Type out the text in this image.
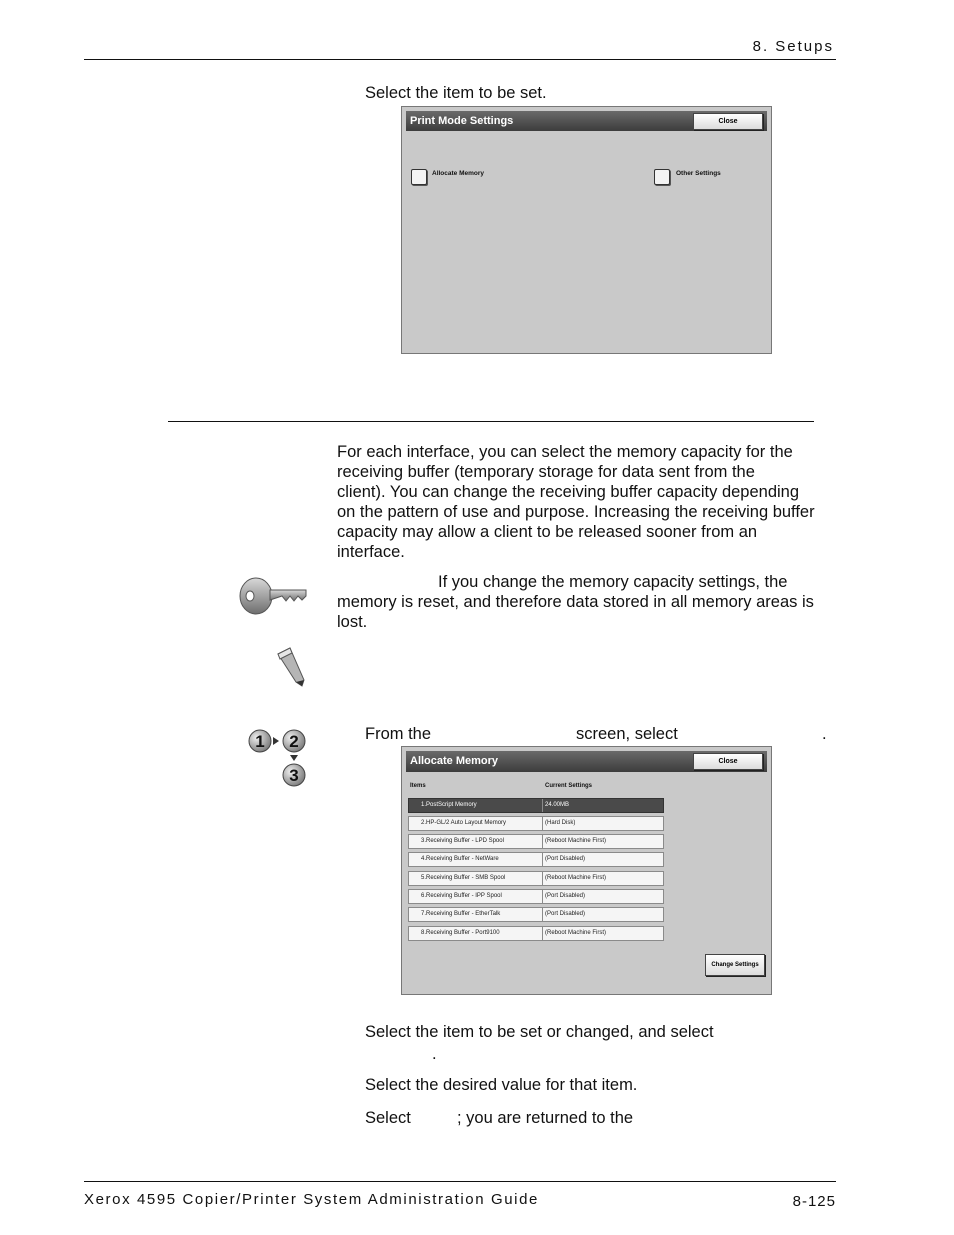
8. Setups
Select the item to be set.
Print Mode Settings	Close
Allocate Memory	Other Settings
For each interface, you can select the memory capacity for the
receiving buffer (temporary storage for data sent from the
client). You can change the receiving buffer capacity depending
on the pattern of use and purpose. Increasing the receiving buffer
capacity may allow a client to be released sooner from an
interface.
If you change the memory capacity settings, the
memory is reset, and therefore data stored in all memory areas is
lost.
1 2
3
From the	screen, select	.
Allocate Memory	Close
Items	Current Settings
1.PostScript Memory	24.00MB
2.HP-GL/2 Auto Layout Memory	(Hard Disk)
3.Receiving Buffer - LPD Spool	(Reboot Machine First)
4.Receiving Buffer - NetWare	(Port Disabled)
5.Receiving Buffer - SMB Spool	(Reboot Machine First)
6.Receiving Buffer - IPP Spool	(Port Disabled)
7.Receiving Buffer - EtherTalk	(Port Disabled)
8.Receiving Buffer - Port9100	(Reboot Machine First)
Change Settings
Select the item to be set or changed, and select
.
Select the desired value for that item.
Select	; you are returned to the
Xerox 4595 Copier/Printer System Administration Guide	8-125
